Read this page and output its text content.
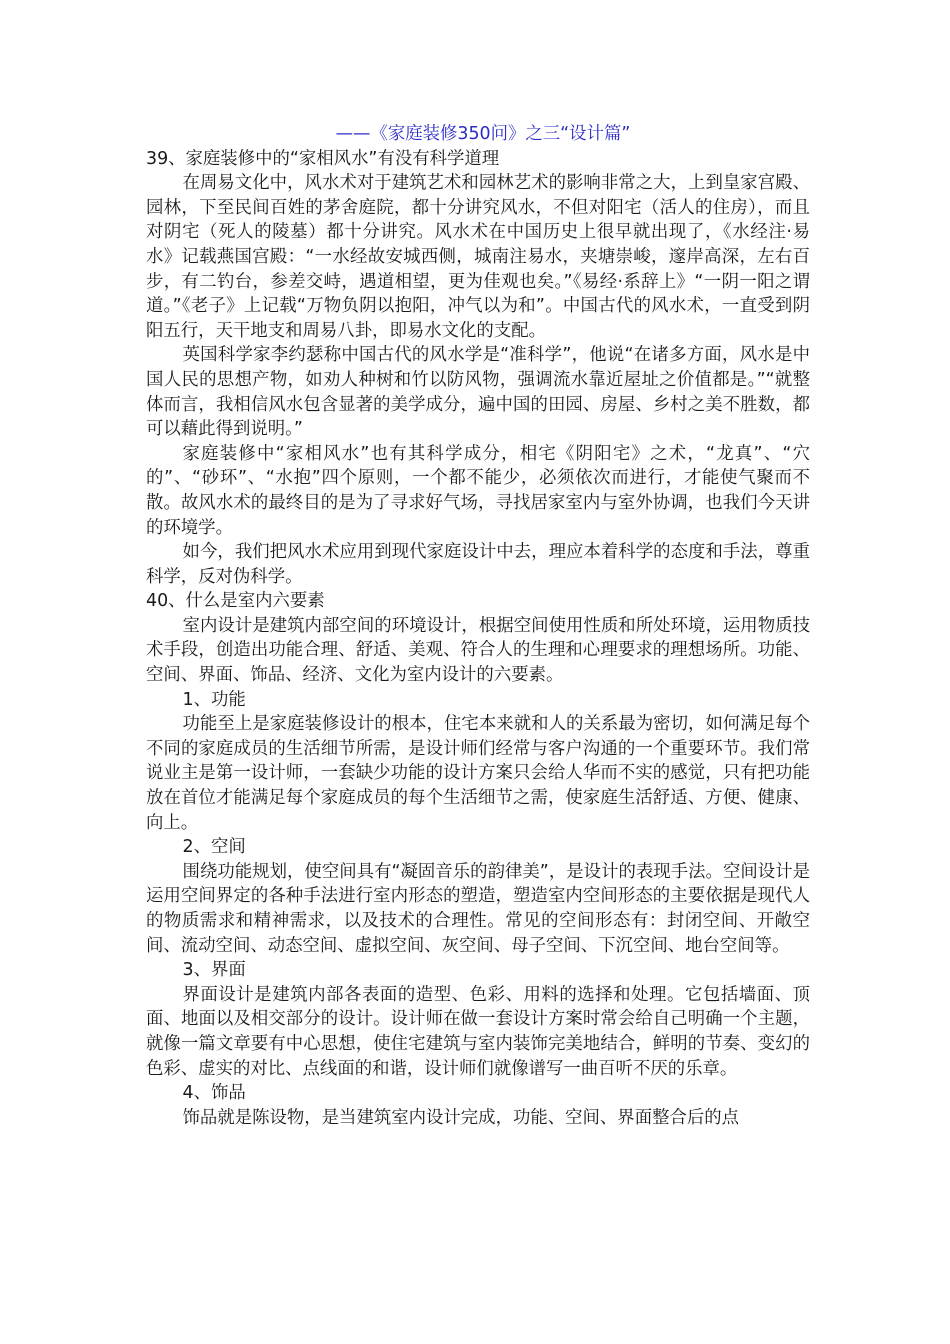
——《家庭装修350问》之三“设计篇”

39、家庭装修中的“家相风水”有没有科学道理

在周易文化中，风水术对于建筑艺术和园林艺术的影响非常之大，上到皇家宫殿、园林，下至民间百姓的茅舍庭院，都十分讲究风水，不但对阳宅（活人的住房），而且对阴宅（死人的陵墓）都十分讲究。风水术在中国历史上很早就出现了，《水经注·易水》记载燕国宫殿：“一水经故安城西侧，城南注易水，夹塘崇峻，邃岸高深，左右百步，有二钓台，参差交峙，遇道相望，更为佳观也矣。”《易经·系辞上》“一阴一阳之谓道。”《老子》上记载“万物负阴以抱阳，冲气以为和”。中国古代的风水术，一直受到阴阳五行，天干地支和周易八卦，即易水文化的支配。

英国科学家李约瑟称中国古代的风水学是“准科学”，他说“在诸多方面，风水是中国人民的思想产物，如劝人种树和竹以防风物，强调流水靠近屋址之价值都是。”“就整体而言，我相信风水包含显著的美学成分，遍中国的田园、房屋、乡村之美不胜数，都可以藉此得到说明。”

家庭装修中“家相风水”也有其科学成分，相宅《阴阳宅》之术，“龙真”、“穴的”、“砂环”、“水抱”四个原则，一个都不能少，必须依次而进行，才能使气聚而不散。故风水术的最终目的是为了寻求好气场，寻找居家室内与室外协调，也我们今天讲的环境学。

如今，我们把风水术应用到现代家庭设计中去，理应本着科学的态度和手法，尊重科学，反对伪科学。

40、什么是室内六要素

室内设计是建筑内部空间的环境设计，根据空间使用性质和所处环境，运用物质技术手段，创造出功能合理、舒适、美观、符合人的生理和心理要求的理想场所。功能、空间、界面、饰品、经济、文化为室内设计的六要素。

1、功能

功能至上是家庭装修设计的根本，住宅本来就和人的关系最为密切，如何满足每个不同的家庭成员的生活细节所需，是设计师们经常与客户沟通的一个重要环节。我们常说业主是第一设计师，一套缺少功能的设计方案只会给人华而不实的感觉，只有把功能放在首位才能满足每个家庭成员的每个生活细节之需，使家庭生活舒适、方便、健康、向上。

2、空间

围绕功能规划，使空间具有“凝固音乐的韵律美”，是设计的表现手法。空间设计是运用空间界定的各种手法进行室内形态的塑造，塑造室内空间形态的主要依据是现代人的物质需求和精神需求，以及技术的合理性。常见的空间形态有：封闭空间、开敞空间、流动空间、动态空间、虚拟空间、灰空间、母子空间、下沉空间、地台空间等。

3、界面

界面设计是建筑内部各表面的造型、色彩、用料的选择和处理。它包括墙面、顶面、地面以及相交部分的设计。设计师在做一套设计方案时常会给自己明确一个主题，就像一篇文章要有中心思想，使住宅建筑与室内装饰完美地结合，鲜明的节奏、变幻的色彩、虚实的对比、点线面的和谐，设计师们就像谱写一曲百听不厌的乐章。

4、饰品

饰品就是陈设物，是当建筑室内设计完成，功能、空间、界面整合后的点
